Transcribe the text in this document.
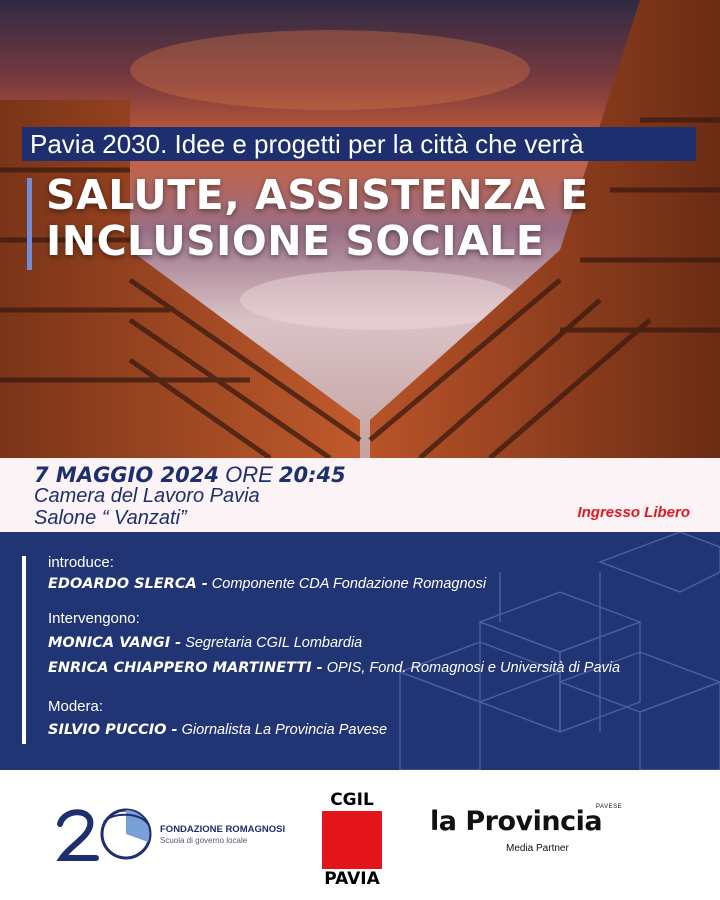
Pavia 2030. Idee e progetti per la città che verrà
SALUTE, ASSISTENZA E
INCLUSIONE SOCIALE
7 MAGGIO 2024 ORE 20:45
Camera del Lavoro Pavia
Salone “ Vanzati”	Ingresso Libero
introduce:
EDOARDO SLERCA - Componente CDA Fondazione Romagnosi
Intervengono:
MONICA VANGI - Segretaria CGIL Lombardia
ENRICA CHIAPPERO MARTINETTI - OPIS, Fond. Romagnosi e Università di Pavia
Modera:
SILVIO PUCCIO - Giornalista La Provincia Pavese
FONDAZIONE ROMAGNOSI
Scuola di governo locale
CGIL
PAVIA
PAVESE
la Provincia
Media Partner
